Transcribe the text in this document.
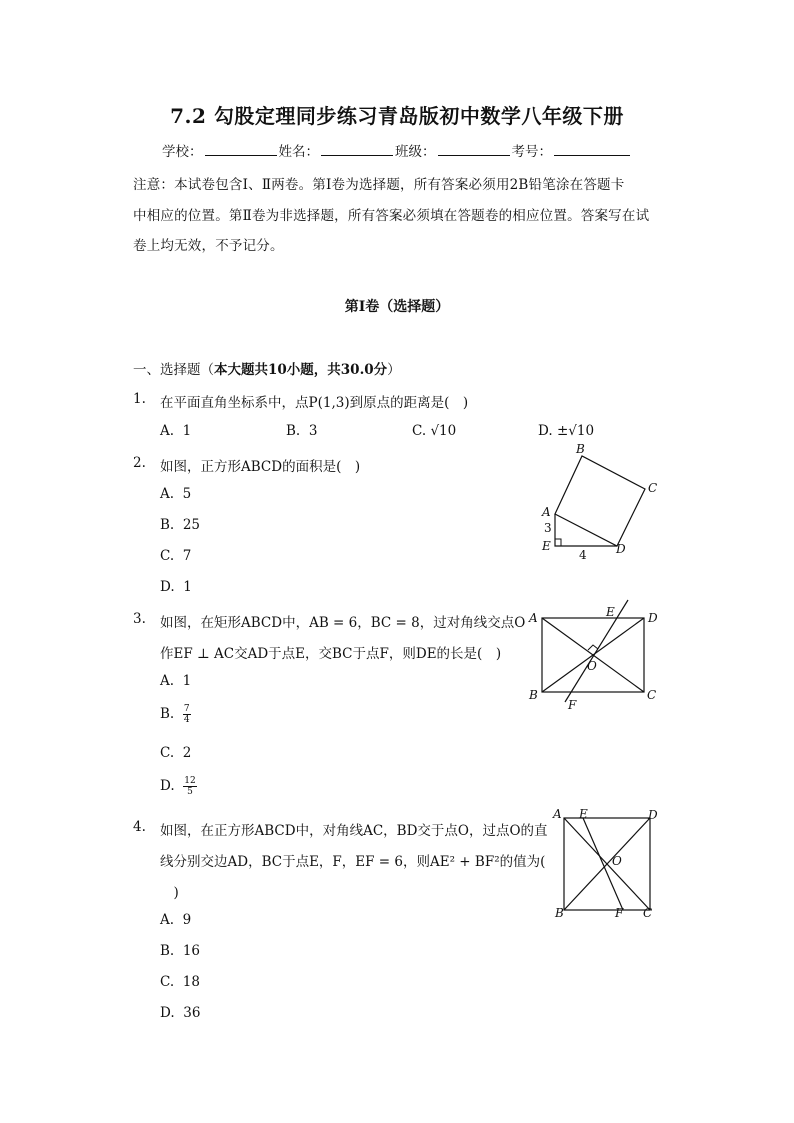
7.2 勾股定理同步练习青岛版初中数学八年级下册
学校：	姓名：	班级：	考号：
注意：本试卷包含Ⅰ、Ⅱ两卷。第Ⅰ卷为选择题，所有答案必须用2B铅笔涂在答题卡
中相应的位置。第Ⅱ卷为非选择题，所有答案必须填在答题卷的相应位置。答案写在试
卷上均无效，不予记分。
第Ⅰ卷（选择题）
一、选择题（本大题共10小题，共30.0分）
1. 在平面直角坐标系中，点P(1,3)到原点的距离是(　)
A. 1	B. 3	C. √10	D. ±√10
2. 如图，正方形ABCD的面积是(　)
A. 5
B. 25
C. 7
D. 1
B
C
A
3
E
4 D
3. 如图，在矩形ABCD中，AB = 6，BC = 8，过对角线交点O
作EF ⊥ AC交AD于点E，交BC于点F，则DE的长是(　)
A. 1
B. $\frac{7}{4}$
C. 2
D. $\frac{12}{5}$
A	E	D
O
B
F
C
4. 如图，在正方形ABCD中，对角线AC，BD交于点O，过点O的直
线分别交边AD，BC于点E，F，EF = 6，则AE² + BF²的值为(
　)
A. 9
B. 16
C. 18
D. 36
A E	D
O
B	F C
